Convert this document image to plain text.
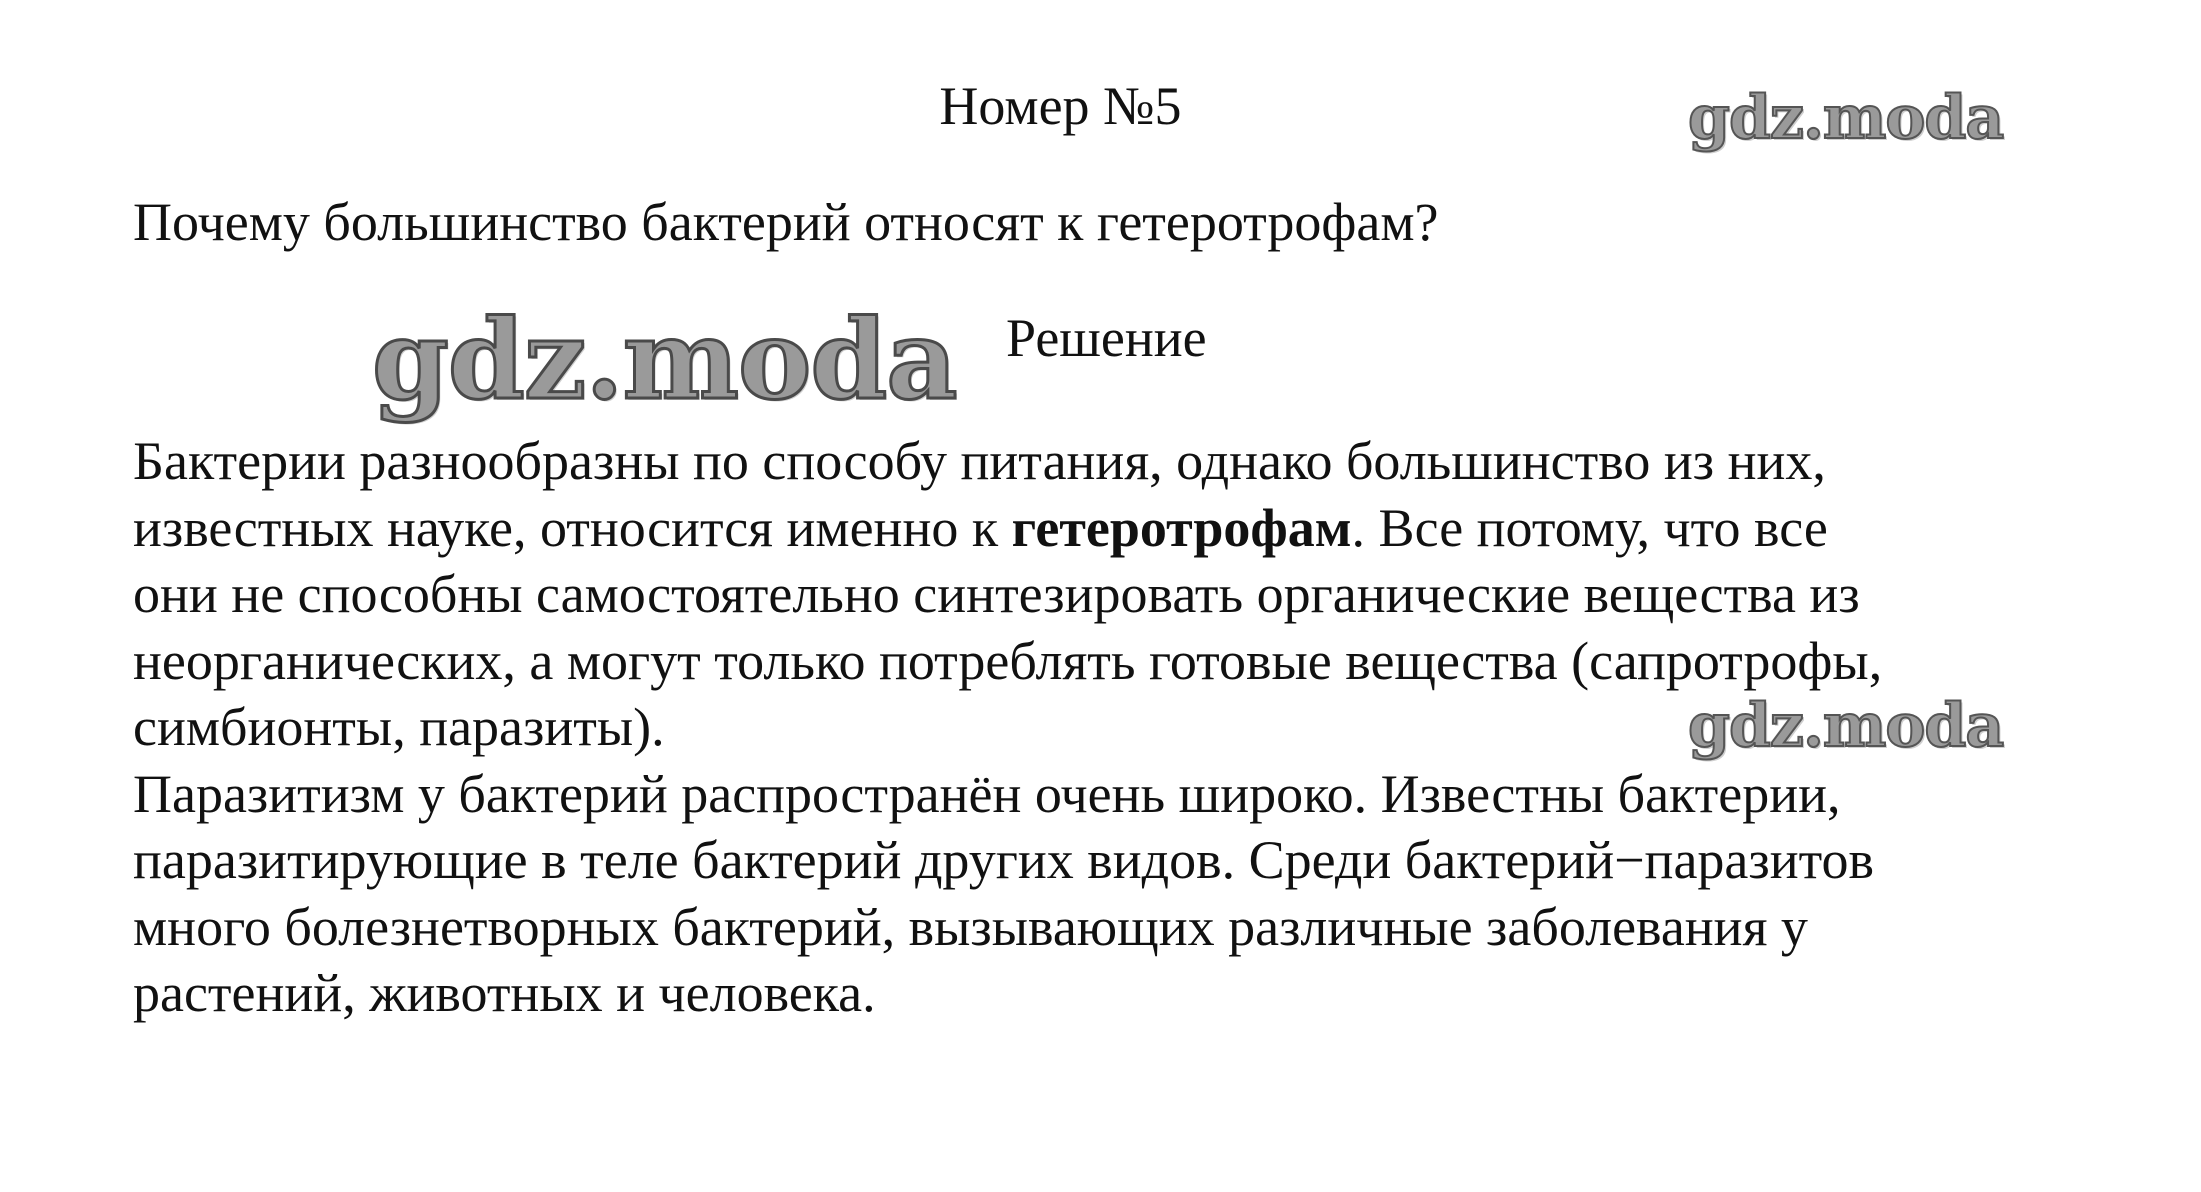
Номер №5	gdz.moda
Почему большинство бактерий относят к гетеротрофам?
gdz.moda Решение
Бактерии разнообразны по способу питания, однако большинство из них,
известных науке, относится именно к гетеротрофам. Все потому, что все
они не способны самостоятельно синтезировать органические вещества из
неорганических, а могут только потреблять готовые вещества (сапротрофы,
симбионты, паразиты).
Паразитизм у бактерий распространён очень широко. Известны бактерии,
паразитирующие в теле бактерий других видов. Среди бактерий−паразитов
много болезнетворных бактерий, вызывающих различные заболевания у
растений, животных и человека.
gdz.moda
